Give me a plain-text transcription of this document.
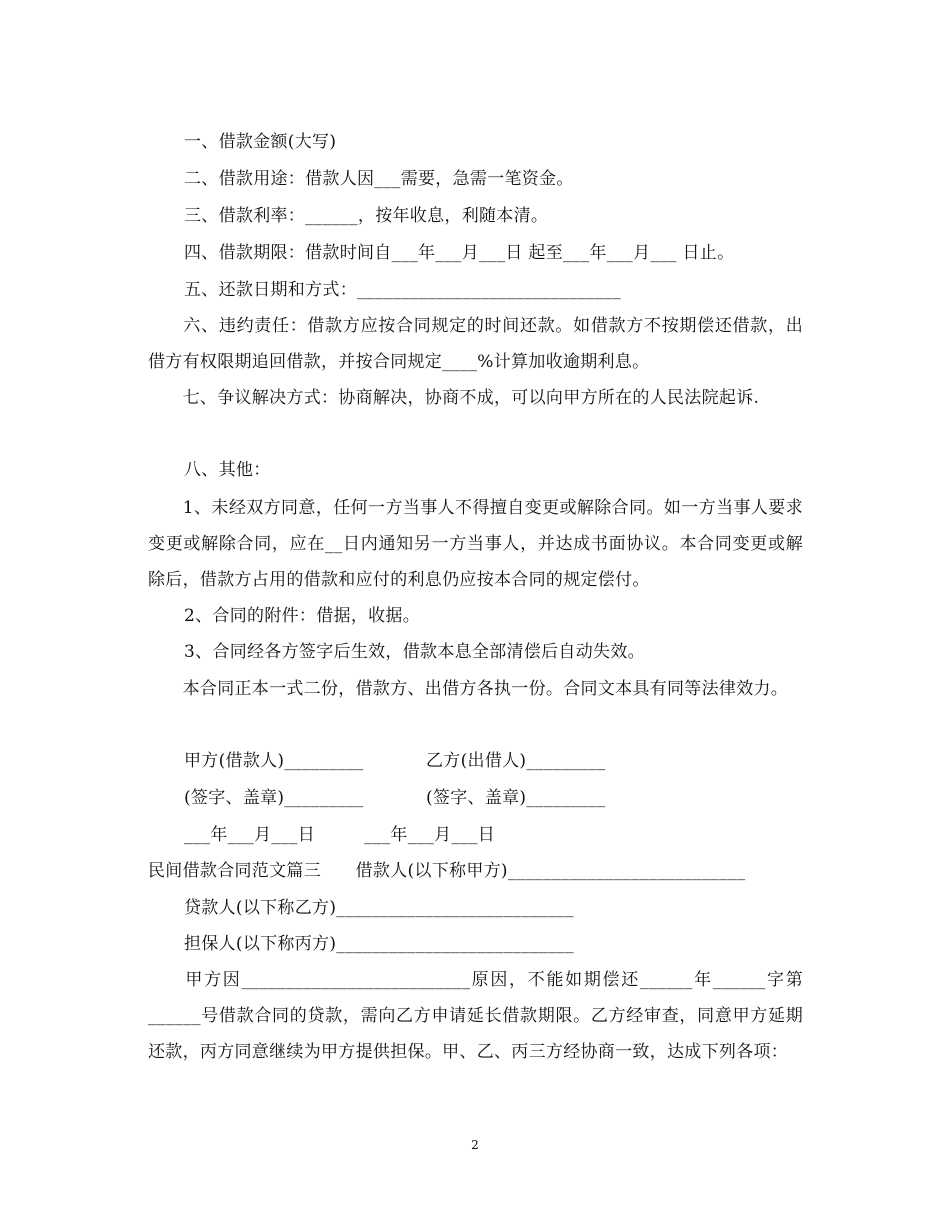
一、借款金额(大写)

二、借款用途：借款人因___需要，急需一笔资金。

三、借款利率：______，按年收息，利随本清。

四、借款期限：借款时间自___年___月___日 起至___年___月___ 日止。

五、还款日期和方式：______________________________

　　六、违约责任：借款方应按合同规定的时间还款。如借款方不按期偿还借款，出借方有权限期追回借款，并按合同规定____%计算加收逾期利息。

　　七、争议解决方式：协商解决，协商不成，可以向甲方所在的人民法院起诉.

八、其他：

　　1、未经双方同意，任何一方当事人不得擅自变更或解除合同。如一方当事人要求变更或解除合同，应在__日内通知另一方当事人，并达成书面协议。本合同变更或解除后，借款方占用的借款和应付的利息仍应按本合同的规定偿付。

2、合同的附件：借据，收据。

3、合同经各方签字后生效，借款本息全部清偿后自动失效。

　　本合同正本一式二份，借款方、出借方各执一份。合同文本具有同等法律效力。

甲方(借款人)_________	乙方(出借人)_________

(签字、盖章)_________	(签字、盖章)_________

___年___月___日	___年___月___日

民间借款合同范文篇三　　借款人(以下称甲方)___________________________

贷款人(以下称乙方)___________________________

担保人(以下称丙方)___________________________

　　甲方因__________________________原因，不能如期偿还______年______字第______号借款合同的贷款，需向乙方申请延长借款期限。乙方经审查，同意甲方延期还款，丙方同意继续为甲方提供担保。甲、乙、丙三方经协商一致，达成下列各项：

2
